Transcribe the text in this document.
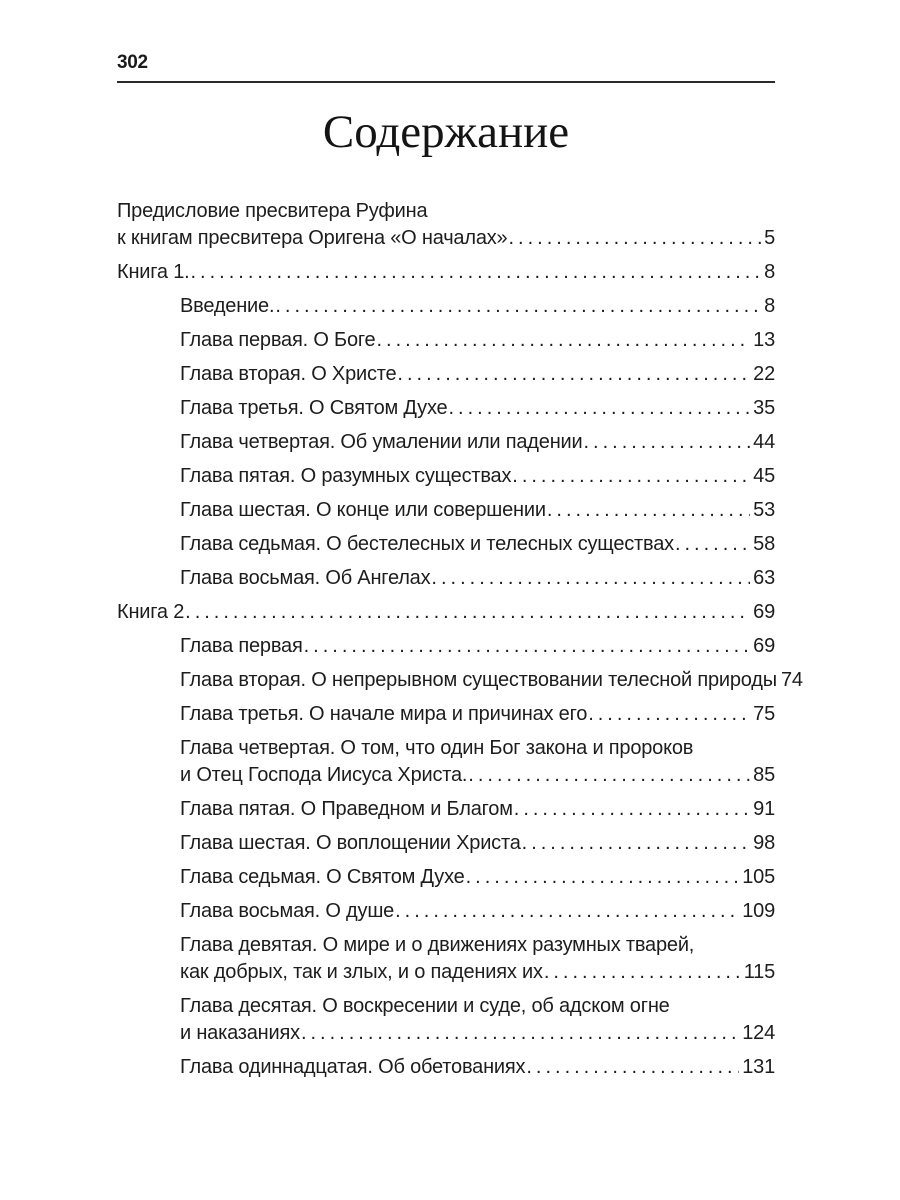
302
Содержание
Предисловие пресвитера Руфина
к книгам пресвитера Оригена «О началах» .....	5
Книга 1. .....	8
Введение. .....	8
Глава первая. О Боге .....	13
Глава вторая. О Христе .....	22
Глава третья. О Святом Духе .....	35
Глава четвертая. Об умалении или падении .....	44
Глава пятая. О разумных существах .....	45
Глава шестая. О конце или совершении .....	53
Глава седьмая. О бестелесных и телесных существах .....	58
Глава восьмая. Об Ангелах .....	63
Книга 2 .....	69
Глава первая .....	69
Глава вторая. О непрерывном существовании телесной природы 74
Глава третья. О начале мира и причинах его .....	75
Глава четвертая. О том, что один Бог закона и пророков
и Отец Господа Иисуса Христа. .....	85
Глава пятая. О Праведном и Благом .....	91
Глава шестая. О воплощении Христа .....	98
Глава седьмая. О Святом Духе .....	105
Глава восьмая. О душе .....	109
Глава девятая. О мире и о движениях разумных тварей,
как добрых, так и злых, и о падениях их .....	115
Глава десятая. О воскресении и суде, об адском огне
и наказаниях .....	124
Глава одиннадцатая. Об обетованиях .....	131
